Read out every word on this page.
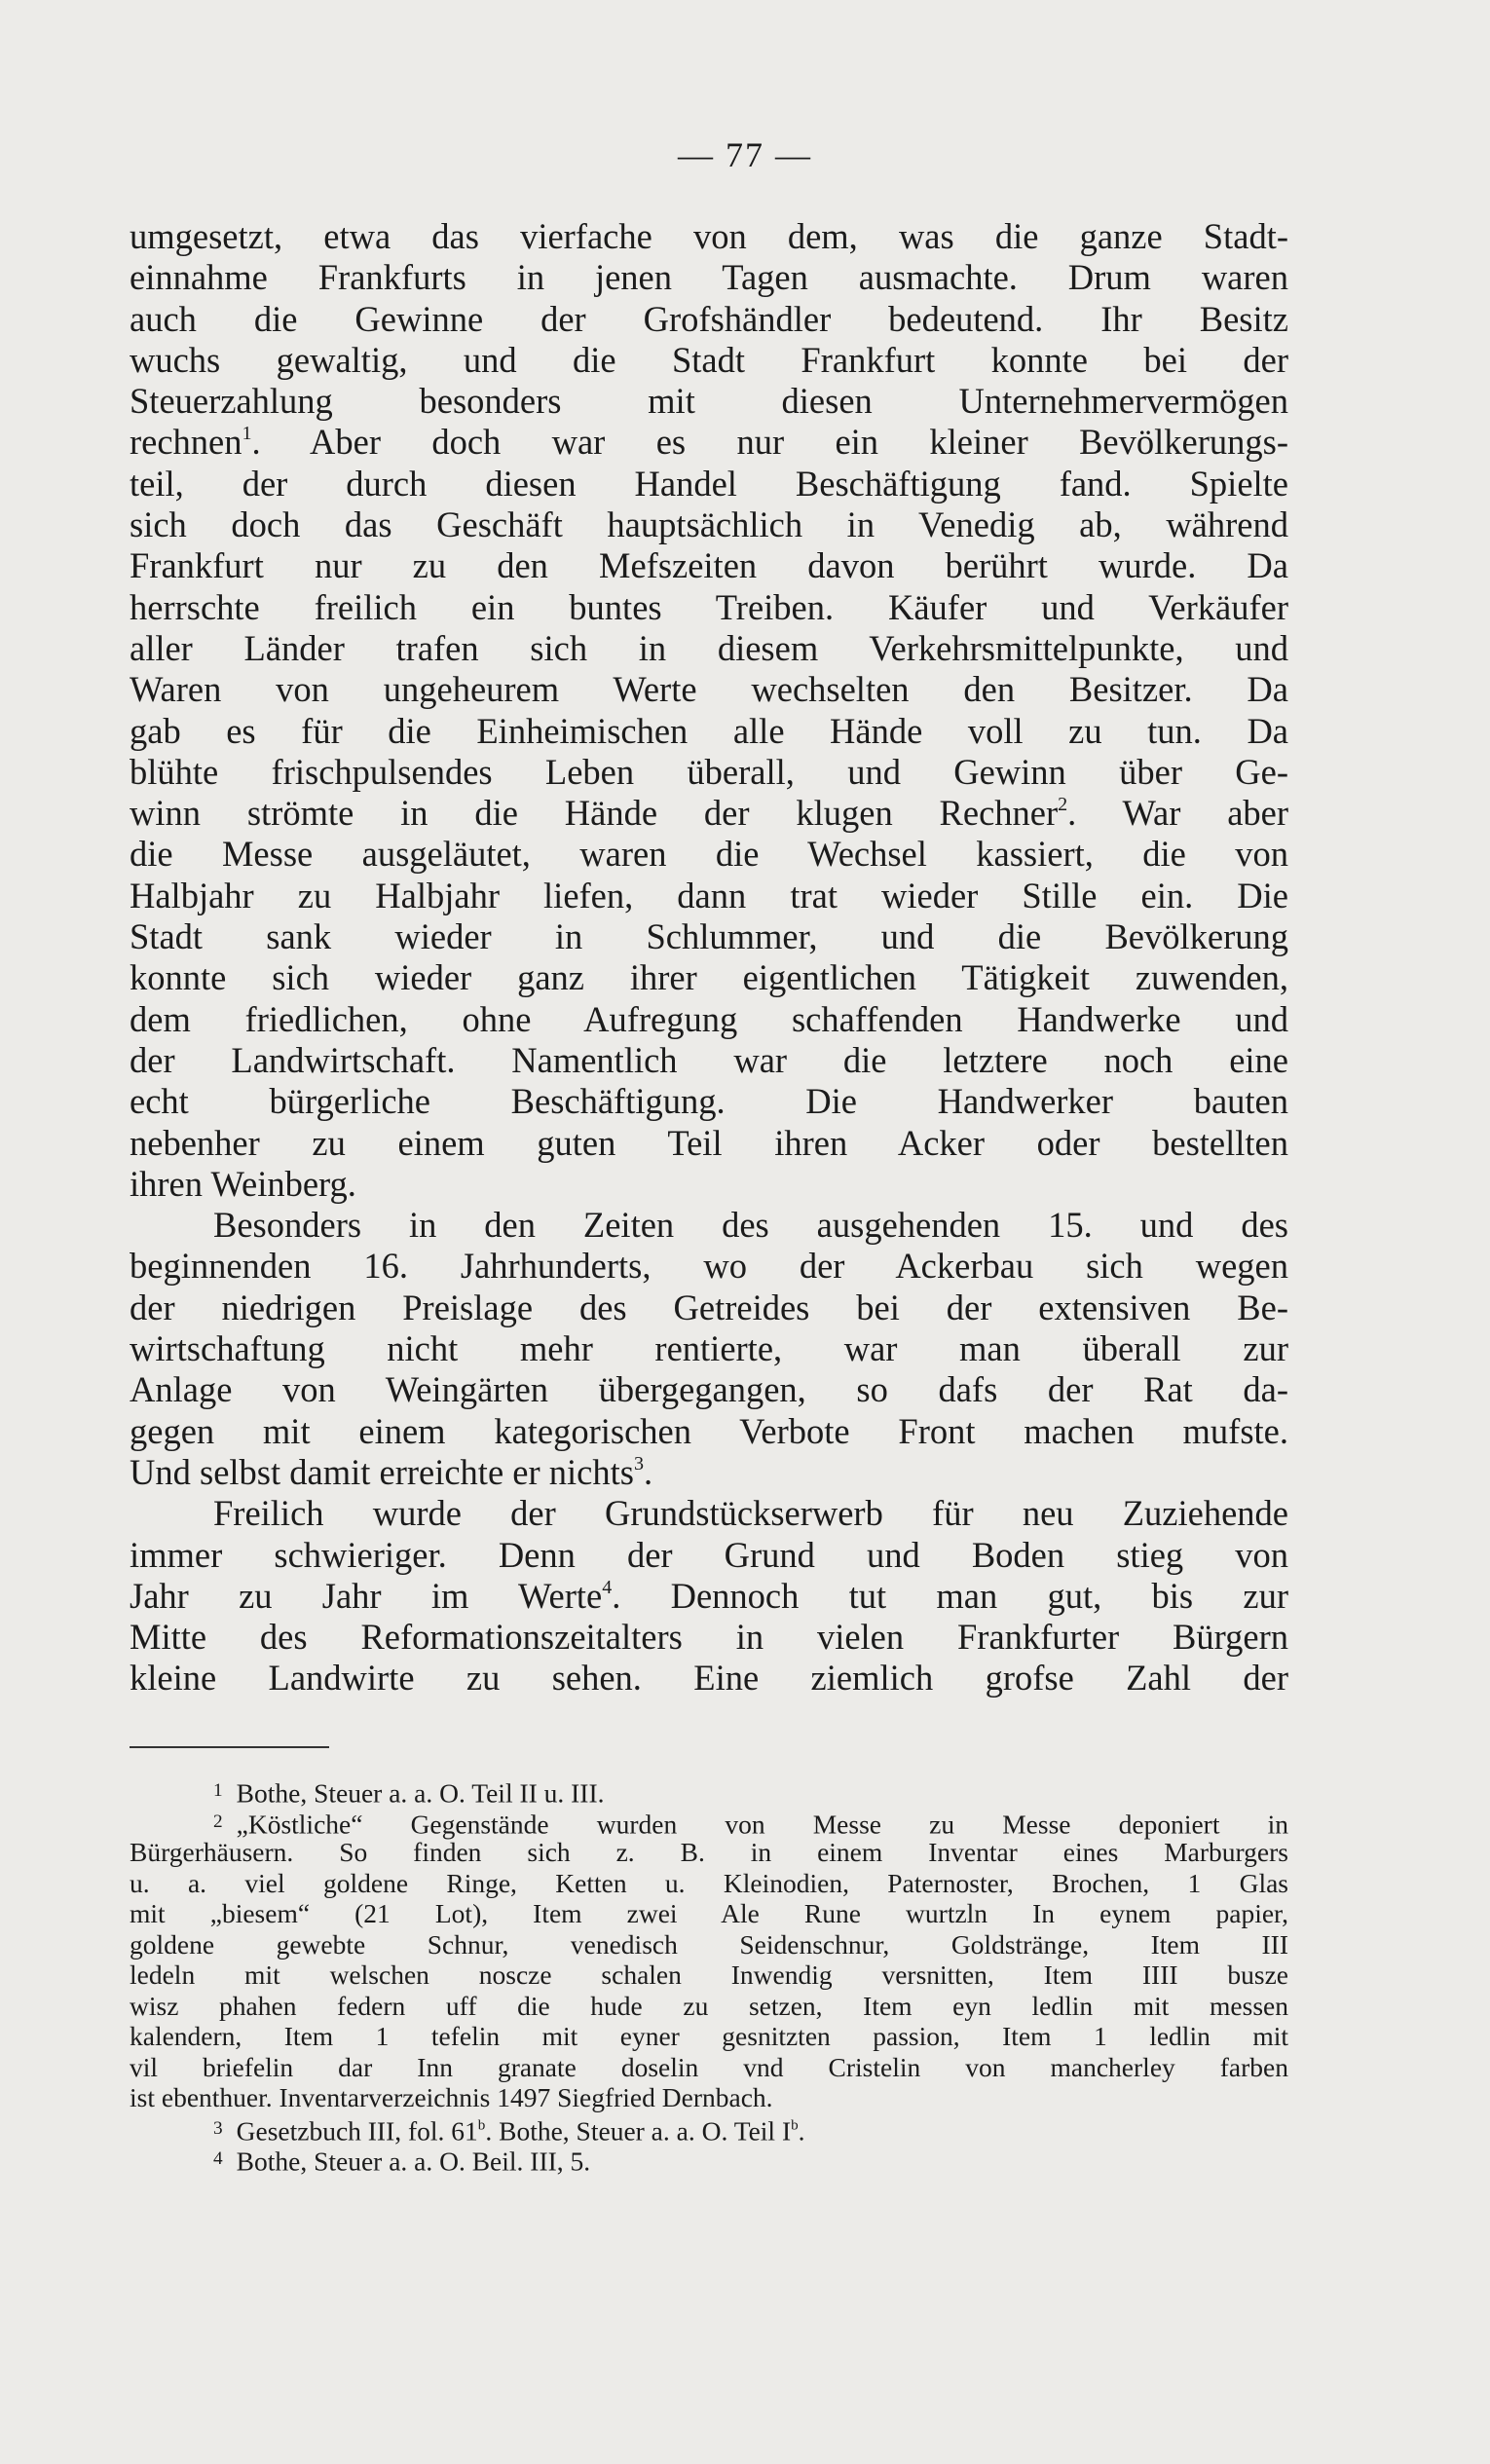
— 77 —
umgesetzt, etwa das vierfache von dem, was die ganze Stadt-
einnahme Frankfurts in jenen Tagen ausmachte. Drum waren
auch die Gewinne der Grofshändler bedeutend. Ihr Besitz
wuchs gewaltig, und die Stadt Frankfurt konnte bei der
Steuerzahlung besonders mit diesen Unternehmervermögen
rechnen$^1$. Aber doch war es nur ein kleiner Bevölkerungs-
teil, der durch diesen Handel Beschäftigung fand. Spielte
sich doch das Geschäft hauptsächlich in Venedig ab, während
Frankfurt nur zu den Mefszeiten davon berührt wurde. Da
herrschte freilich ein buntes Treiben. Käufer und Verkäufer
aller Länder trafen sich in diesem Verkehrsmittelpunkte, und
Waren von ungeheurem Werte wechselten den Besitzer. Da
gab es für die Einheimischen alle Hände voll zu tun. Da
blühte frischpulsendes Leben überall, und Gewinn über Ge-
winn strömte in die Hände der klugen Rechner$^2$. War aber
die Messe ausgeläutet, waren die Wechsel kassiert, die von
Halbjahr zu Halbjahr liefen, dann trat wieder Stille ein. Die
Stadt sank wieder in Schlummer, und die Bevölkerung
konnte sich wieder ganz ihrer eigentlichen Tätigkeit zuwenden,
dem friedlichen, ohne Aufregung schaffenden Handwerke und
der Landwirtschaft. Namentlich war die letztere noch eine
echt bürgerliche Beschäftigung. Die Handwerker bauten
nebenher zu einem guten Teil ihren Acker oder bestellten
ihren Weinberg.
Besonders in den Zeiten des ausgehenden 15. und des
beginnenden 16. Jahrhunderts, wo der Ackerbau sich wegen
der niedrigen Preislage des Getreides bei der extensiven Be-
wirtschaftung nicht mehr rentierte, war man überall zur
Anlage von Weingärten übergegangen, so dafs der Rat da-
gegen mit einem kategorischen Verbote Front machen mufste.
Und selbst damit erreichte er nichts$^3$.
Freilich wurde der Grundstückserwerb für neu Zuziehende
immer schwieriger. Denn der Grund und Boden stieg von
Jahr zu Jahr im Werte$^4$. Dennoch tut man gut, bis zur
Mitte des Reformationszeitalters in vielen Frankfurter Bürgern
kleine Landwirte zu sehen. Eine ziemlich grofse Zahl der
$^1$ Bothe, Steuer a. a. O. Teil II u. III.
$^2$ „Köstliche“ Gegenstände wurden von Messe zu Messe deponiert in
Bürgerhäusern. So finden sich z. B. in einem Inventar eines Marburgers
u. a. viel goldene Ringe, Ketten u. Kleinodien, Paternoster, Brochen, 1 Glas
mit „biesem“ (21 Lot), Item zwei Ale Rune wurtzln In eynem papier,
goldene gewebte Schnur, venedisch Seidenschnur, Goldstränge, Item III
ledeln mit welschen noscze schalen Inwendig versnitten, Item IIII busze
wisz phahen federn uff die hude zu setzen, Item eyn ledlin mit messen
kalendern, Item 1 tefelin mit eyner gesnitzten passion, Item 1 ledlin mit
vil briefelin dar Inn granate doselin vnd Cristelin von mancherley farben
ist ebenthuer. Inventarverzeichnis 1497 Siegfried Dernbach.
$^3$ Gesetzbuch III, fol. 61$^b$. Bothe, Steuer a. a. O. Teil $I^b$.
$^4$ Bothe, Steuer a. a. O. Beil. III, 5.
